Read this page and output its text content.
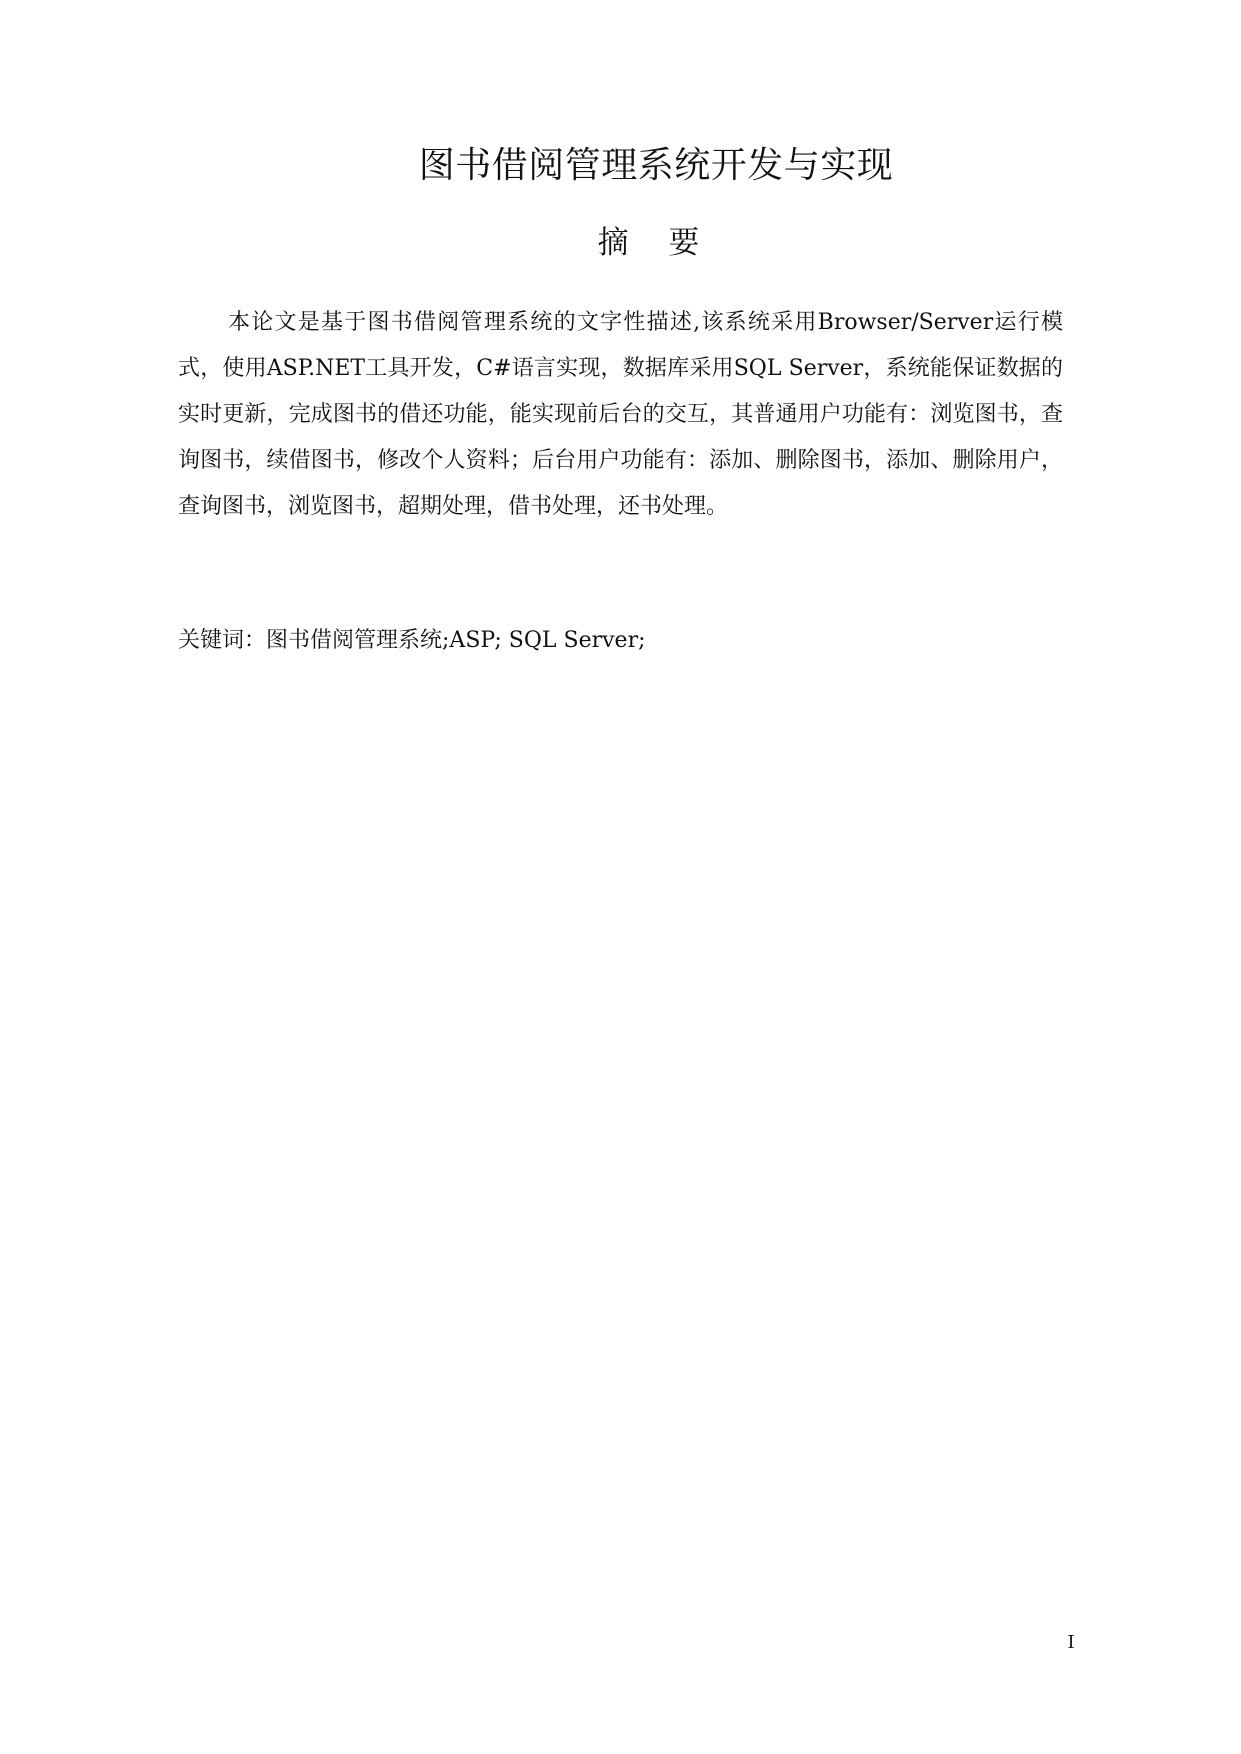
图书借阅管理系统开发与实现
摘 要

本论文是基于图书借阅管理系统的文字性描述,该系统采用Browser/Server运行模式，使用ASP.NET工具开发，C#语言实现，数据库采用SQL Server，系统能保证数据的实时更新，完成图书的借还功能，能实现前后台的交互，其普通用户功能有：浏览图书，查询图书，续借图书，修改个人资料；后台用户功能有：添加、删除图书，添加、删除用户，查询图书，浏览图书，超期处理，借书处理，还书处理。

关键词：图书借阅管理系统;ASP; SQL Server;
I
